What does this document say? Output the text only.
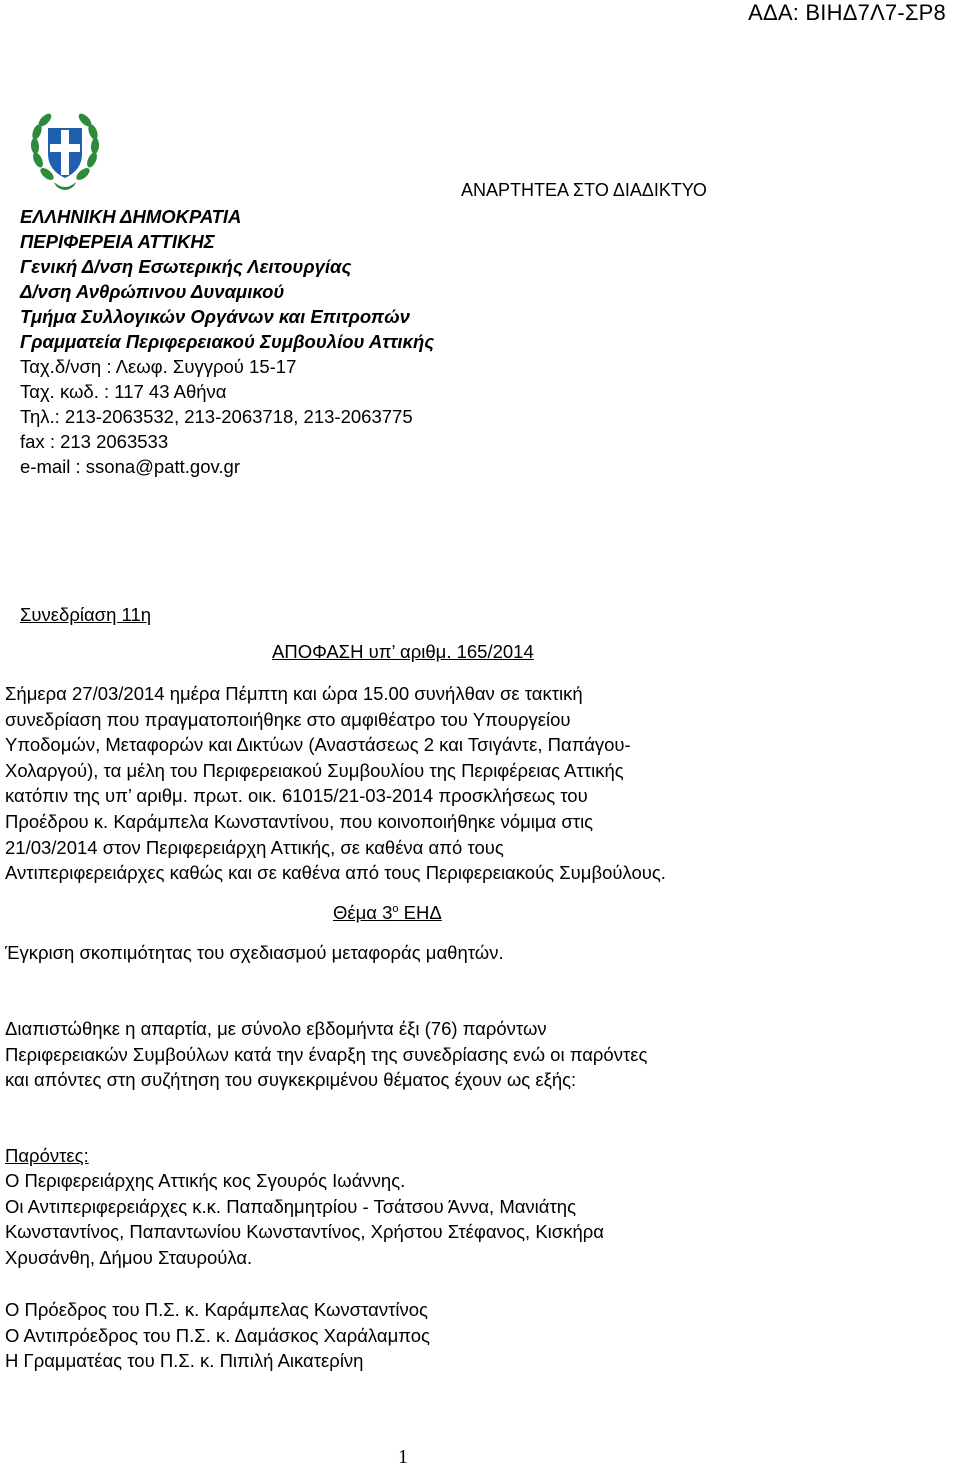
ΑΔΑ: ΒΙΗΔ7Λ7-ΣΡ8
ΑΝΑΡΤΗΤΕΑ ΣΤΟ ΔΙΑΔΙΚΤΥΟ
ΕΛΛΗΝΙΚΗ ΔΗΜΟΚΡΑΤΙΑ
ΠΕΡΙΦΕΡΕΙΑ ΑΤΤΙΚΗΣ
Γενική Δ/νση Εσωτερικής Λειτουργίας
Δ/νση Ανθρώπινου Δυναμικού
Τμήμα Συλλογικών Οργάνων και Επιτροπών
Γραμματεία Περιφερειακού Συμβουλίου Αττικής
Ταχ.δ/νση : Λεωφ. Συγγρού 15-17
Ταχ. κωδ. : 117 43 Αθήνα
Τηλ.: 213-2063532, 213-2063718, 213-2063775
fax : 213 2063533
e-mail : ssona@patt.gov.gr
Συνεδρίαση 11η
ΑΠΟΦΑΣΗ υπ’ αριθμ. 165/2014
Σήμερα 27/03/2014 ημέρα Πέμπτη και ώρα 15.00 συνήλθαν σε τακτική
συνεδρίαση που πραγματοποιήθηκε στο αμφιθέατρο του Υπουργείου
Υποδομών, Μεταφορών και Δικτύων (Αναστάσεως 2 και Τσιγάντε, Παπάγου-
Χολαργού), τα μέλη του Περιφερειακού Συμβουλίου της Περιφέρειας Αττικής
κατόπιν της υπ’ αριθμ. πρωτ. οικ. 61015/21-03-2014 προσκλήσεως του
Προέδρου κ. Καράμπελα Κωνσταντίνου, που κοινοποιήθηκε νόμιμα στις
21/03/2014 στον Περιφερειάρχη Αττικής, σε καθένα από τους
Αντιπεριφερειάρχες καθώς και σε καθένα από τους Περιφερειακούς Συμβούλους.
Θέμα $3^o$ ΕΗΔ
Έγκριση σκοπιμότητας του σχεδιασμού μεταφοράς μαθητών.
Διαπιστώθηκε η απαρτία, με σύνολο εβδομήντα έξι (76) παρόντων
Περιφερειακών Συμβούλων κατά την έναρξη της συνεδρίασης ενώ οι παρόντες
και απόντες στη συζήτηση του συγκεκριμένου θέματος έχουν ως εξής:
Παρόντες:
Ο Περιφερειάρχης Αττικής κος Σγουρός Ιωάννης.
Οι Αντιπεριφερειάρχες κ.κ. Παπαδημητρίου - Τσάτσου Άννα, Μανιάτης
Κωνσταντίνος, Παπαντωνίου Κωνσταντίνος, Χρήστου Στέφανος, Κισκήρα
Χρυσάνθη, Δήμου Σταυρούλα.
Ο Πρόεδρος του Π.Σ. κ. Καράμπελας Κωνσταντίνος
Ο Αντιπρόεδρος του Π.Σ. κ. Δαμάσκος Χαράλαμπος
Η Γραμματέας του Π.Σ. κ. Πιπιλή Αικατερίνη
1
